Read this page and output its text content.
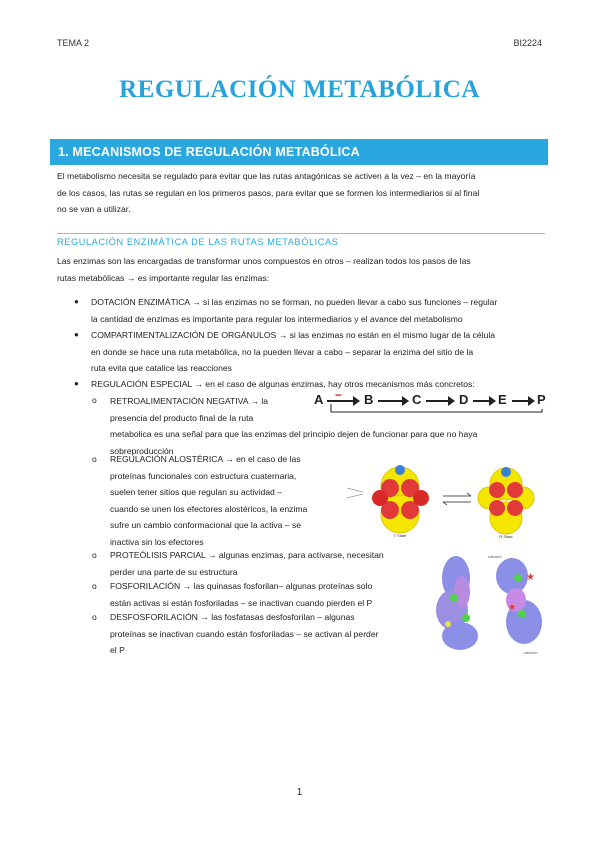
TEMA 2	BI2224
REGULACIÓN METABÓLICA
1. MECANISMOS DE REGULACIÓN METABÓLICA
El metabolismo necesita se regulado para evitar que las rutas antagónicas se activen a la vez – en la mayoría
de los casos, las rutas se regulan en los primeros pasos, para evitar que se formen los intermediarios si al final
no se van a utilizar.
REGULACIÓN ENZIMÁTICA DE LAS RUTAS METABÓLICAS
Las enzimas son las encargadas de transformar unos compuestos en otros – realizan todos los pasos de las
rutas metabólicas → es importante regular las enzimas:
● DOTACIÓN ENZIMÁTICA → si las enzimas no se forman, no pueden llevar a cabo sus funciones – regular
la cantidad de enzimas es importante para regular los intermediarios y el avance del metabolismo
● COMPARTIMENTALIZACIÓN DE ORGÁNULOS → si las enzimas no están en el mismo lugar de la célula
en donde se hace una ruta metabólica, no la pueden llevar a cabo – separar la enzima del sitio de la
ruta evita que catalice las reacciones
● REGULACIÓN ESPECIAL → en el caso de algunas enzimas, hay otros mecanismos más concretos:
o RETROALIMENTACIÓN NEGATIVA → la
presencia del producto final de la ruta
metabolica es una señal para que las enzimas del principio dejen de funcionar para que no haya
sobreproducción
A − B	C	D E P
o REGULACIÓN ALOSTÉRICA → en el caso de las
proteínas funcionales con estructura cuaternaria,
suelen tener sitios que regulan su actividad –
cuando se unen los efectores alostéricos, la enzima
sufre un cambio conformacional que la activa – se
inactiva sin los efectores
T State	R State
o PROTEÓLISIS PARCIAL → algunas enzimas, para activarse, necesitan
perder una parte de su estructura
o FOSFORILACIÓN → las quinasas fosforilan– algunas proteínas solo
están activas si están fosforiladas – se inactivan cuando pierden el P
o DESFOSFORILACIÓN → las fosfatasas desfosforilan – algunas
proteínas se inactivan cuando están fosforiladas – se activan al perder
el P
★
★
calcium
calcium
1
